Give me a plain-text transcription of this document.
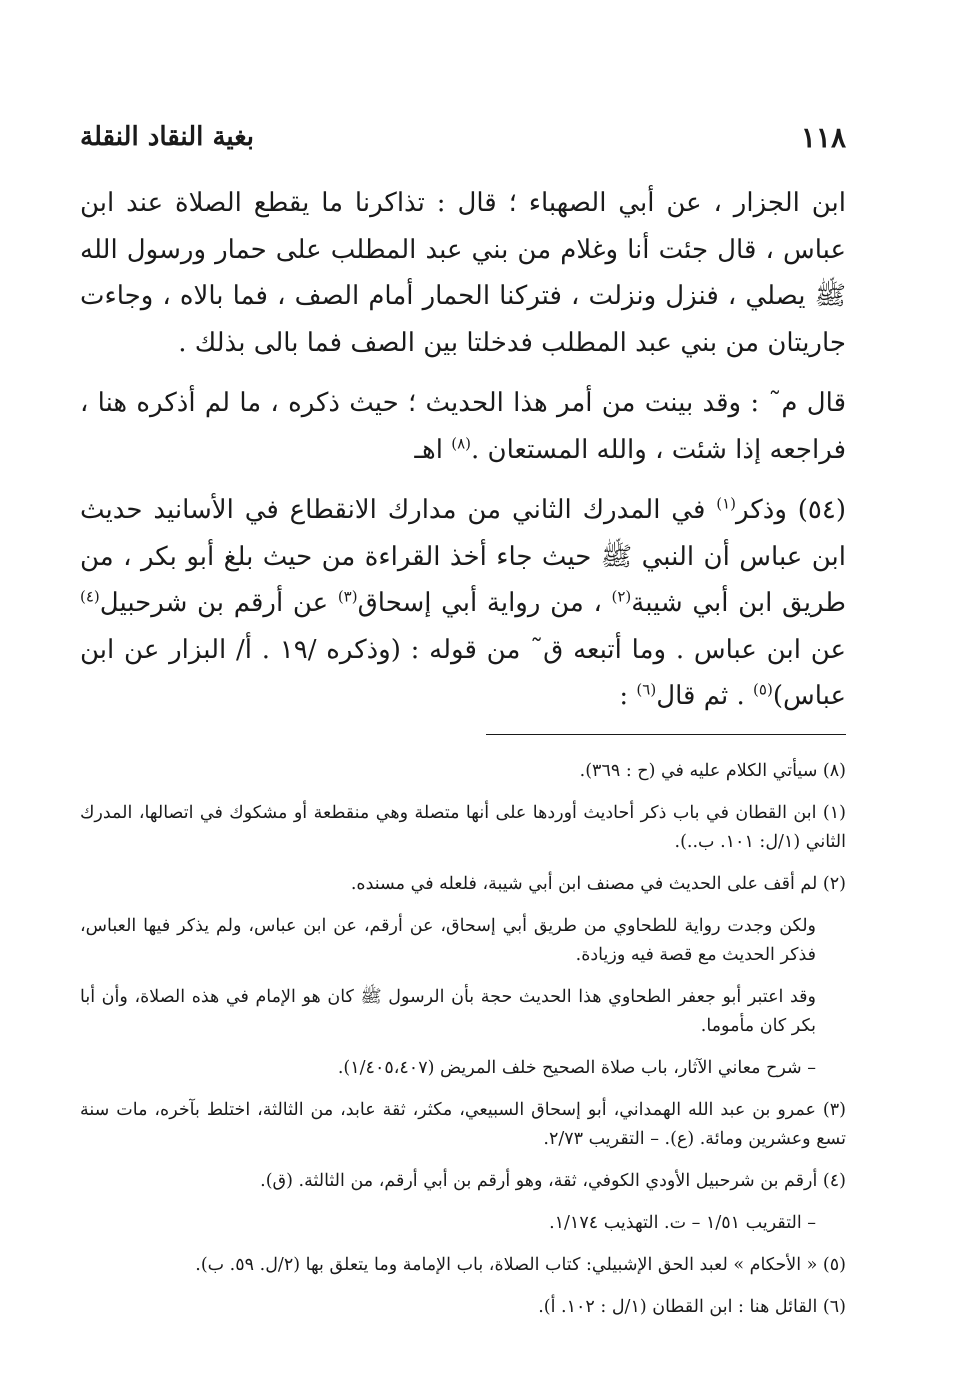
بغية النقاد النقلة	١١٨

ابن الجزار ، عن أبي الصهباء ؛ قال : تذاكرنا ما يقطع الصلاة عند ابن عباس ، قال جئت أنا وغلام من بني عبد المطلب على حمار ورسول الله ﷺ يصلي ، فنزل ونزلت ، فتركنا الحمار أمام الصف ، فما بالاه ، وجاءت جاريتان من بني عبد المطلب فدخلتا بين الصف فما بالى بذلك .

قال م˜ : وقد بينت من أمر هذا الحديث ؛ حيث ذكره ، ما لم أذكره هنا ، فراجعه إذا شئت ، والله المستعان .$^{(٨)}$ اهـ

(٥٤) وذكر$^{(١)}$ في المدرك الثاني من مدارك الانقطاع في الأسانيد حديث ابن عباس أن النبي ﷺ حيث جاء أخذ القراءة من حيث بلغ أبو بكر ، من طريق ابن أبي شيبة$^{(٢)}$ ، من رواية أبي إسحاق$^{(٣)}$ عن أرقم بن شرحبيل$^{(٤)}$ عن ابن عباس . وما أتبعه ق˜ من قوله : (وذكره /١٩ . أ/ البزار عن ابن عباس)$^{(٥)}$ . ثم قال$^{(٦)}$ :

(٨) سيأتي الكلام عليه في (ح : ٣٦٩).

(١) ابن القطان في باب ذكر أحاديث أوردها على أنها متصلة وهي منقطعة أو مشكوك في اتصالها، المدرك الثاني (١/ل: ١٠١. ب..).

(٢) لم أقف على الحديث في مصنف ابن أبي شيبة، فلعله في مسنده.

ولكن وجدت رواية للطحاوي من طريق أبي إسحاق، عن أرقم، عن ابن عباس، ولم يذكر فيها العباس، فذكر الحديث مع قصة فيه وزيادة.

وقد اعتبر أبو جعفر الطحاوي هذا الحديث حجة بأن الرسول ﷺ كان هو الإمام في هذه الصلاة، وأن أبا بكر كان مأموما.

– شرح معاني الآثار، باب صلاة الصحيح خلف المريض (١/٤٠٥،٤٠٧).

(٣) عمرو بن عبد الله الهمداني، أبو إسحاق السبيعي، مكثر، ثقة عابد، من الثالثة، اختلط بآخره، مات سنة تسع وعشرين ومائة. (ع). – التقريب ٢/٧٣.

(٤) أرقم بن شرحبيل الأودي الكوفي، ثقة، وهو أرقم بن أبي أرقم، من الثالثة. (ق).

– التقريب ١/٥١ – ت. التهذيب ١/١٧٤.

(٥) « الأحكام » لعبد الحق الإشبيلي: كتاب الصلاة، باب الإمامة وما يتعلق بها (٢/ل. ٥٩. ب).

(٦) القائل هنا : ابن القطان (١/ل : ١٠٢. أ).
